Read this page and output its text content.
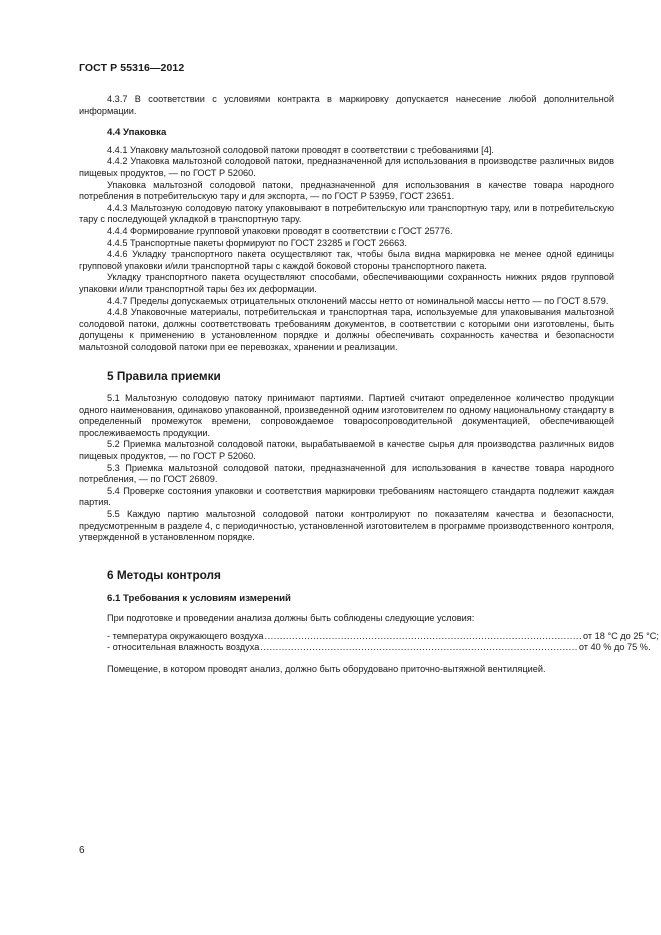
ГОСТ Р 55316—2012

4.3.7 В соответствии с условиями контракта в маркировку допускается нанесение любой дополнительной информации.

4.4 Упаковка

4.4.1 Упаковку мальтозной солодовой патоки проводят в соответствии с требованиями [4].

4.4.2 Упаковка мальтозной солодовой патоки, предназначенной для использования в производстве различных видов пищевых продуктов, — по ГОСТ Р 52060.

Упаковка мальтозной солодовой патоки, предназначенной для использования в качестве товара народного потребления в потребительскую тару и для экспорта, — по ГОСТ Р 53959, ГОСТ 23651.

4.4.3 Мальтозную солодовую патоку упаковывают в потребительскую или транспортную тару, или в потребительскую тару с последующей укладкой в транспортную тару.

4.4.4 Формирование групповой упаковки проводят в соответствии с ГОСТ 25776.

4.4.5 Транспортные пакеты формируют по ГОСТ 23285 и ГОСТ 26663.

4.4.6 Укладку транспортного пакета осуществляют так, чтобы была видна маркировка не менее одной единицы групповой упаковки и/или транспортной тары с каждой боковой стороны транспортного пакета.

Укладку транспортного пакета осуществляют способами, обеспечивающими сохранность нижних рядов групповой упаковки и/или транспортной тары без их деформации.

4.4.7 Пределы допускаемых отрицательных отклонений массы нетто от номинальной массы нетто — по ГОСТ 8.579.

4.4.8 Упаковочные материалы, потребительская и транспортная тара, используемые для упаковывания мальтозной солодовой патоки, должны соответствовать требованиям документов, в соответствии с которыми они изготовлены, быть допущены к применению в установленном порядке и должны обеспечивать сохранность качества и безопасности мальтозной солодовой патоки при ее перевозках, хранении и реализации.

5 Правила приемки

5.1 Мальтозную солодовую патоку принимают партиями. Партией считают определенное количество продукции одного наименования, одинаково упакованной, произведенной одним изготовителем по одному национальному стандарту в определенный промежуток времени, сопровождаемое товаросопроводительной документацией, обеспечивающей прослеживаемость продукции.

5.2 Приемка мальтозной солодовой патоки, вырабатываемой в качестве сырья для производства различных видов пищевых продуктов, — по ГОСТ Р 52060.

5.3 Приемка мальтозной солодовой патоки, предназначенной для использования в качестве товара народного потребления, — по ГОСТ 26809.

5.4 Проверке состояния упаковки и соответствия маркировки требованиям настоящего стандарта подлежит каждая партия.

5.5 Каждую партию мальтозной солодовой патоки контролируют по показателям качества и безопасности, предусмотренным в разделе 4, с периодичностью, установленной изготовителем в программе производственного контроля, утвержденной в установленном порядке.

6 Методы контроля
6.1 Требования к условиям измерений

При подготовке и проведении анализа должны быть соблюдены следующие условия:

- температура окружающего воздуха ........................................................................................................ от 18 °С до 25 °С;
- относительная влажность воздуха ........................................................................................................ от 40 % до 75 %.

Помещение, в котором проводят анализ, должно быть оборудовано приточно-вытяжной вентиляцией.

6
